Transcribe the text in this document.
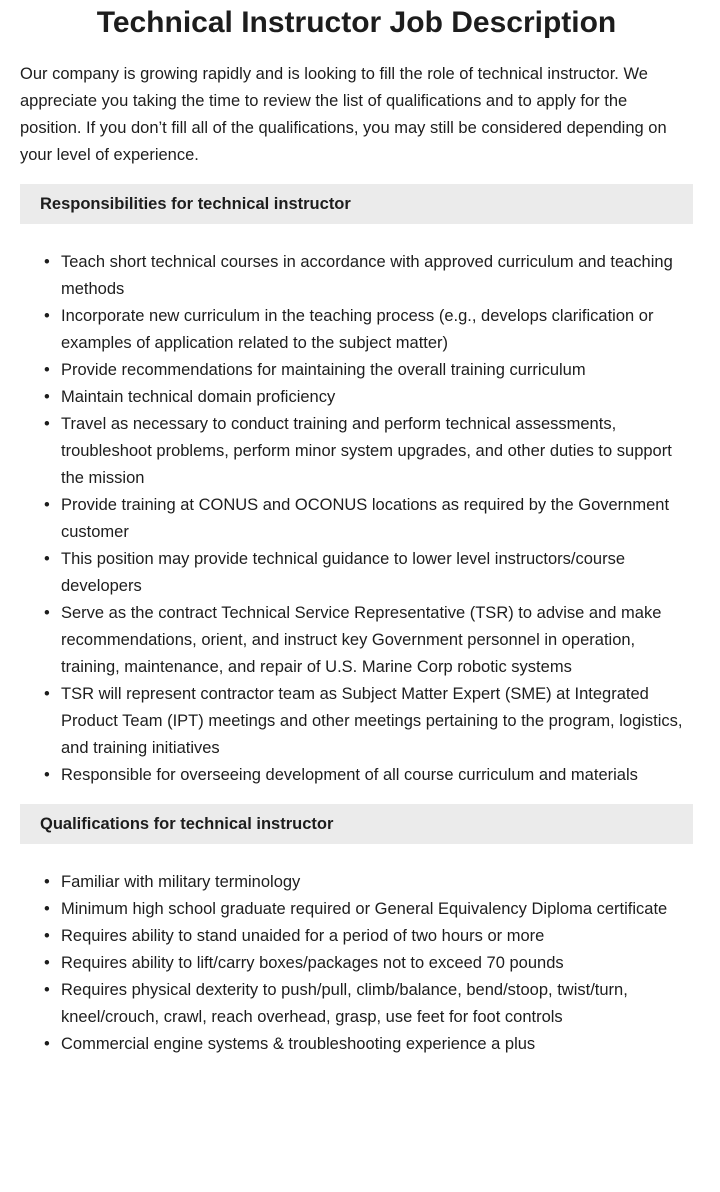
Technical Instructor Job Description

Our company is growing rapidly and is looking to fill the role of technical instructor. We appreciate you taking the time to review the list of qualifications and to apply for the position. If you don’t fill all of the qualifications, you may still be considered depending on your level of experience.

Responsibilities for technical instructor
• Teach short technical courses in accordance with approved curriculum and teaching methods
• Incorporate new curriculum in the teaching process (e.g., develops clarification or examples of application related to the subject matter)
• Provide recommendations for maintaining the overall training curriculum
• Maintain technical domain proficiency
• Travel as necessary to conduct training and perform technical assessments, troubleshoot problems, perform minor system upgrades, and other duties to support the mission
• Provide training at CONUS and OCONUS locations as required by the Government customer
• This position may provide technical guidance to lower level instructors/course developers
• Serve as the contract Technical Service Representative (TSR) to advise and make recommendations, orient, and instruct key Government personnel in operation, training, maintenance, and repair of U.S. Marine Corp robotic systems
• TSR will represent contractor team as Subject Matter Expert (SME) at Integrated Product Team (IPT) meetings and other meetings pertaining to the program, logistics, and training initiatives
• Responsible for overseeing development of all course curriculum and materials
Qualifications for technical instructor
• Familiar with military terminology
• Minimum high school graduate required or General Equivalency Diploma certificate
• Requires ability to stand unaided for a period of two hours or more
• Requires ability to lift/carry boxes/packages not to exceed 70 pounds
• Requires physical dexterity to push/pull, climb/balance, bend/stoop, twist/turn, kneel/crouch, crawl, reach overhead, grasp, use feet for foot controls
• Commercial engine systems & troubleshooting experience a plus
